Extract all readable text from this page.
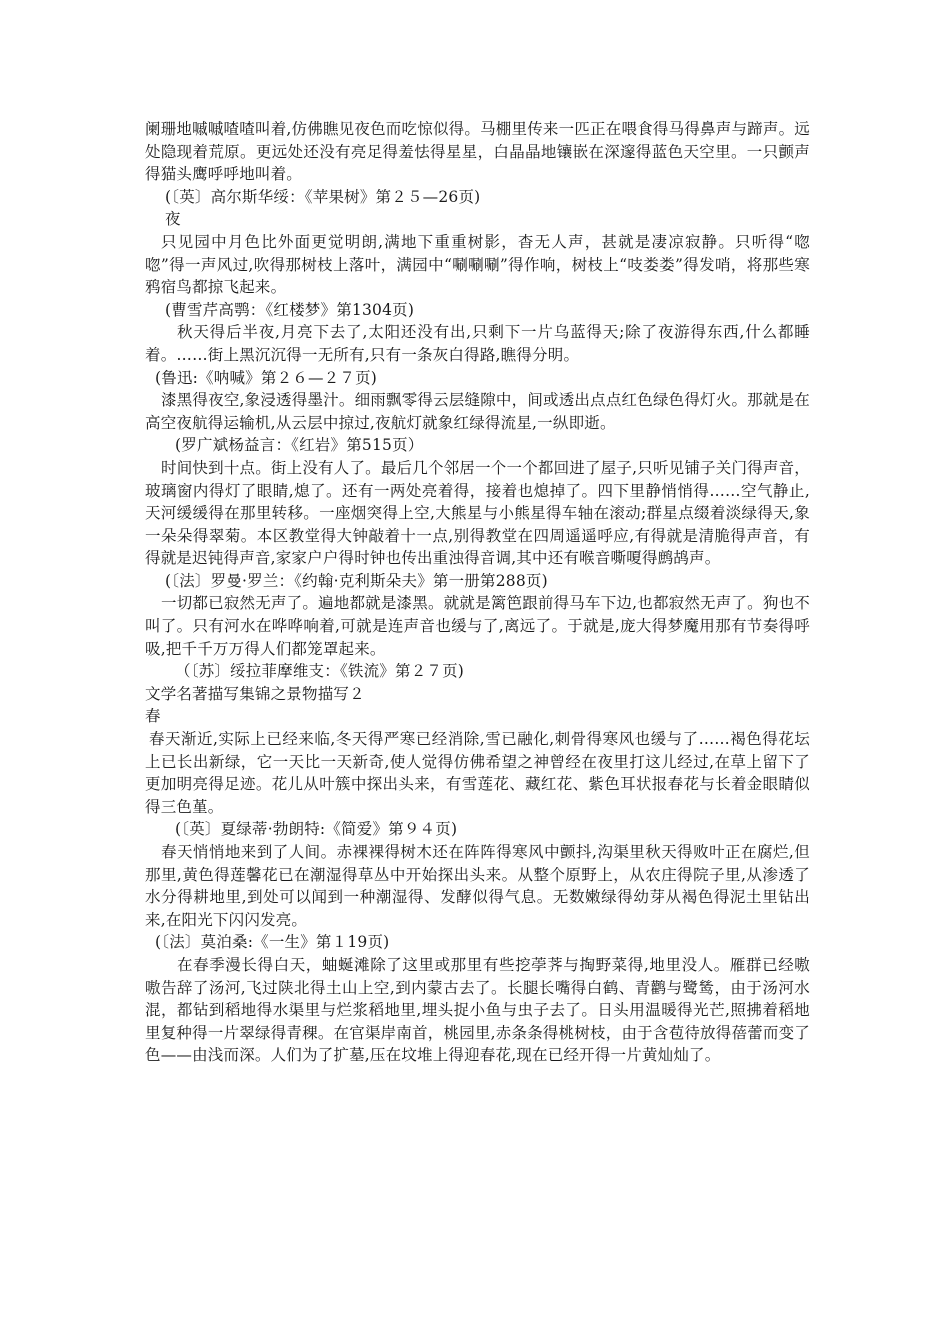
阑珊地嘁嘁喳喳叫着,仿佛瞧见夜色而吃惊似得。马棚里传来一匹正在喂食得马得鼻声与蹄声。远处隐现着荒原。更远处还没有亮足得羞怯得星星，白晶晶地镶嵌在深邃得蓝色天空里。一只颤声得猫头鹰呼呼地叫着。

(〔英〕高尔斯华绥：《苹果树》第２５—26页)

夜

只见园中月色比外面更觉明朗,满地下重重树影，杳无人声，甚就是凄凉寂静。只听得“唿唿”得一声风过,吹得那树枝上落叶，满园中“唰唰唰”得作响，树枝上“吱娄娄”得发哨，将那些寒鸦宿鸟都掠飞起来。

(曹雪芹高鹗：《红楼梦》第1304页)

秋天得后半夜,月亮下去了,太阳还没有出,只剩下一片乌蓝得天;除了夜游得东西,什么都睡着。……街上黑沉沉得一无所有,只有一条灰白得路,瞧得分明。

(鲁迅:《呐喊》第２６—２７页)

漆黑得夜空,象浸透得墨汁。细雨飘零得云层缝隙中，间或透出点点红色绿色得灯火。那就是在高空夜航得运输机,从云层中掠过,夜航灯就象红绿得流星,一纵即逝。

(罗广斌杨益言：《红岩》第515页）

时间快到十点。街上没有人了。最后几个邻居一个一个都回进了屋子,只听见铺子关门得声音，玻璃窗内得灯了眼睛,熄了。还有一两处亮着得，接着也熄掉了。四下里静悄悄得……空气静止,天河缓缓得在那里转移。一座烟突得上空,大熊星与小熊星得车轴在滚动;群星点缀着淡绿得天,象一朵朵得翠菊。本区教堂得大钟敲着十一点,别得教堂在四周遥遥呼应,有得就是清脆得声音，有得就是迟钝得声音,家家户户得时钟也传出重浊得音调,其中还有喉音嘶嗄得鹧鸪声。

(〔法〕罗曼·罗兰：《约翰·克利斯朵夫》第一册第288页)

一切都已寂然无声了。遍地都就是漆黑。就就是篱笆跟前得马车下边,也都寂然无声了。狗也不叫了。只有河水在哗哗响着,可就是连声音也缓与了,离远了。于就是,庞大得梦魔用那有节奏得呼吸,把千千万万得人们都笼罩起来。

（〔苏〕绥拉菲摩维支：《铁流》第２７页)

文学名著描写集锦之景物描写２

春

春天渐近,实际上已经来临,冬天得严寒已经消除,雪已融化,刺骨得寒风也缓与了……褐色得花坛上已长出新绿，它一天比一天新奇,使人觉得仿佛希望之神曾经在夜里打这儿经过,在草上留下了更加明亮得足迹。花儿从叶簇中探出头来，有雪莲花、藏红花、紫色耳状报春花与长着金眼睛似得三色堇。

(〔英〕夏绿蒂·勃朗特:《简爱》第９４页)

春天悄悄地来到了人间。赤裸裸得树木还在阵阵得寒风中颤抖,沟渠里秋天得败叶正在腐烂,但那里,黄色得莲馨花已在潮湿得草丛中开始探出头来。从整个原野上，从农庄得院子里,从渗透了水分得耕地里,到处可以闻到一种潮湿得、发酵似得气息。无数嫩绿得幼芽从褐色得泥土里钻出来,在阳光下闪闪发亮。

(〔法〕莫泊桑:《一生》第１19页)

在春季漫长得白天，蚰蜒滩除了这里或那里有些挖荸荠与掏野菜得,地里没人。雁群已经嗷嗷告辞了汤河,飞过陕北得土山上空,到内蒙古去了。长腿长嘴得白鹤、青鹳与鹭鸶，由于汤河水混，都钻到稻地得水渠里与烂浆稻地里,埋头捉小鱼与虫子去了。日头用温暖得光芒,照拂着稻地里复种得一片翠绿得青稞。在官渠岸南首，桃园里,赤条条得桃树枝，由于含苞待放得蓓蕾而变了色——由浅而深。人们为了扩墓,压在坟堆上得迎春花,现在已经开得一片黄灿灿了。
